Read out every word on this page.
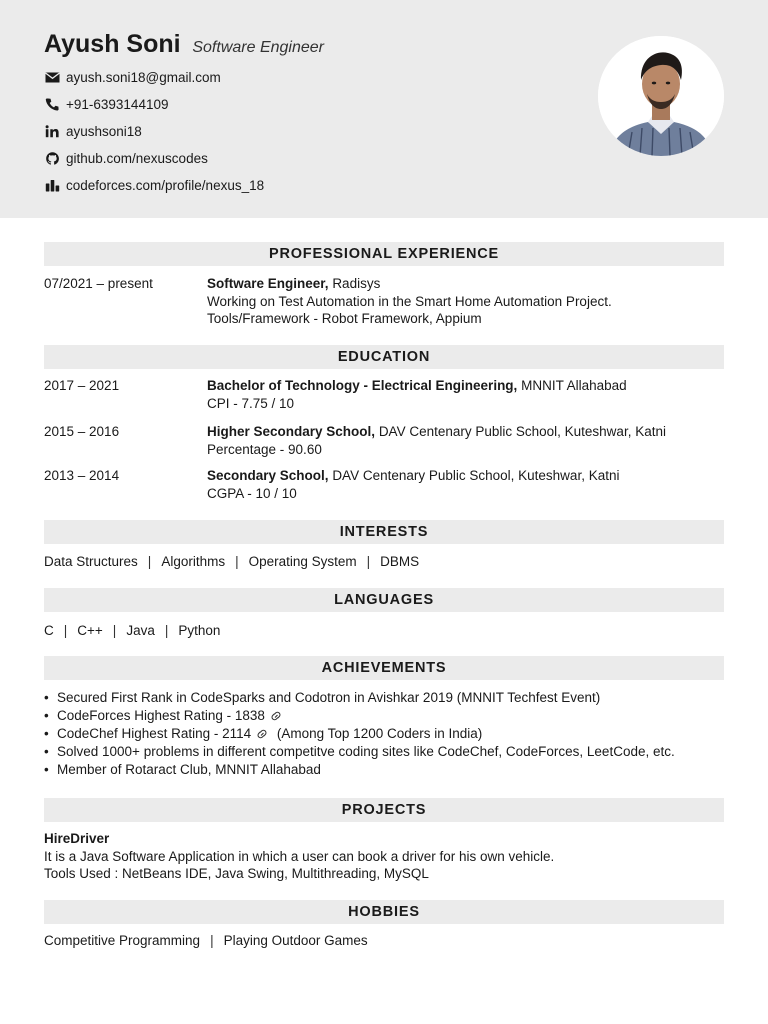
Ayush Soni Software Engineer
ayush.soni18@gmail.com
+91-6393144109
ayushsoni18
github.com/nexuscodes
codeforces.com/profile/nexus_18
PROFESSIONAL EXPERIENCE
07/2021 – present	Software Engineer, Radisys
Working on Test Automation in the Smart Home Automation Project.
Tools/Framework - Robot Framework, Appium
EDUCATION
2017 – 2021	Bachelor of Technology - Electrical Engineering, MNNIT Allahabad
CPI - 7.75 / 10
2015 – 2016	Higher Secondary School, DAV Centenary Public School, Kuteshwar, Katni
Percentage - 90.60
2013 – 2014	Secondary School, DAV Centenary Public School, Kuteshwar, Katni
CGPA - 10 / 10
INTERESTS
Data Structures | Algorithms | Operating System | DBMS
LANGUAGES
C | C++ | Java | Python
ACHIEVEMENTS
• Secured First Rank in CodeSparks and Codotron in Avishkar 2019 (MNNIT Techfest Event)
• CodeForces Highest Rating - 1838
• CodeChef Highest Rating - 2114 (Among Top 1200 Coders in India)
• Solved 1000+ problems in different competitve coding sites like CodeChef, CodeForces, LeetCode, etc.
• Member of Rotaract Club, MNNIT Allahabad
PROJECTS
HireDriver
It is a Java Software Application in which a user can book a driver for his own vehicle.
Tools Used : NetBeans IDE, Java Swing, Multithreading, MySQL
HOBBIES
Competitive Programming | Playing Outdoor Games
